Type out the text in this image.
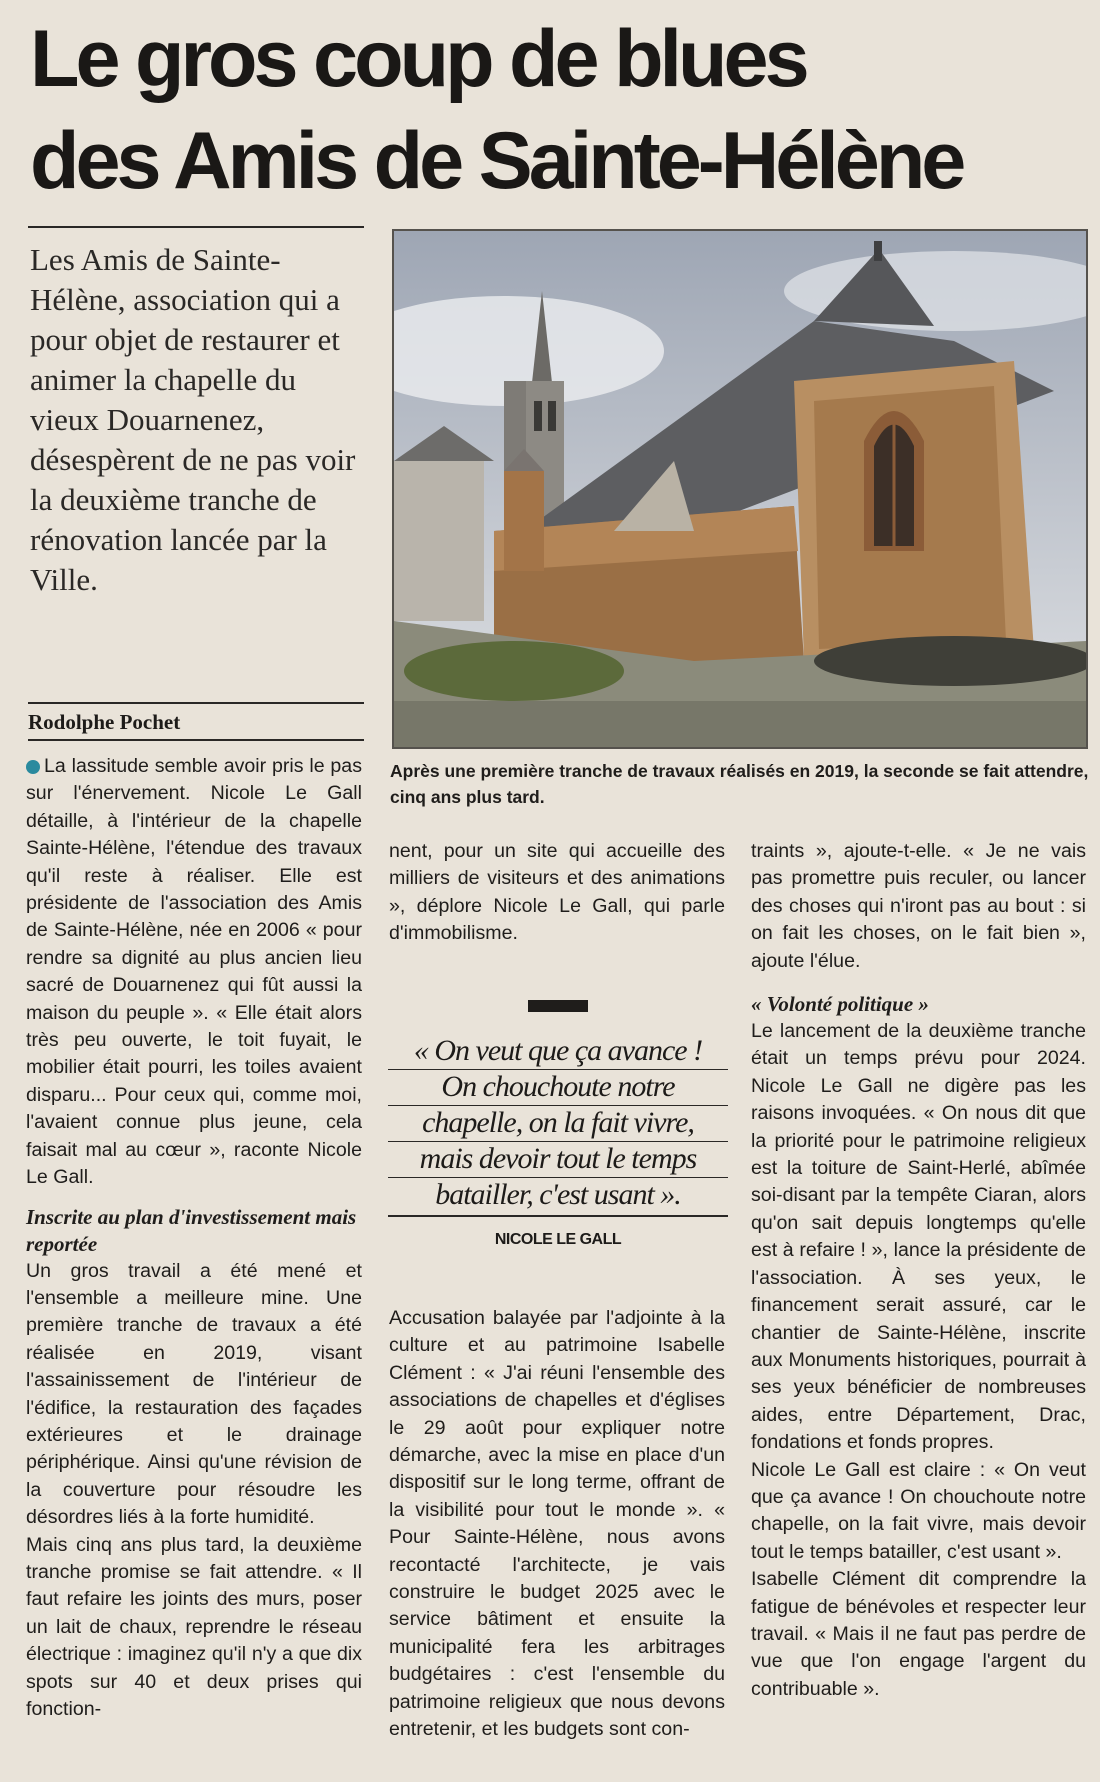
Le gros coup de blues
des Amis de Sainte-Hélène

Les Amis de Sainte-Hélène, association qui a pour objet de restaurer et animer la chapelle du vieux Douarnenez, désespèrent de ne pas voir la deuxième tranche de rénovation lancée par la Ville.

Rodolphe Pochet
Après une première tranche de travaux réalisés en 2019, la seconde se fait attendre, cinq ans plus tard.

La lassitude semble avoir pris le pas sur l'énervement. Nicole Le Gall détaille, à l'intérieur de la chapelle Sainte-Hélène, l'étendue des travaux qu'il reste à réaliser. Elle est présidente de l'association des Amis de Sainte-Hélène, née en 2006 « pour rendre sa dignité au plus ancien lieu sacré de Douarnenez qui fût aussi la maison du peuple ». « Elle était alors très peu ouverte, le toit fuyait, le mobilier était pourri, les toiles avaient disparu... Pour ceux qui, comme moi, l'avaient connue plus jeune, cela faisait mal au cœur », raconte Nicole Le Gall.

Inscrite au plan d'investissement mais reportée

Un gros travail a été mené et l'ensemble a meilleure mine. Une première tranche de travaux a été réalisée en 2019, visant l'assainissement de l'intérieur de l'édifice, la restauration des façades extérieures et le drainage périphérique. Ainsi qu'une révision de la couverture pour résoudre les désordres liés à la forte humidité.

Mais cinq ans plus tard, la deuxième tranche promise se fait attendre. « Il faut refaire les joints des murs, poser un lait de chaux, reprendre le réseau électrique : imaginez qu'il n'y a que dix spots sur 40 et deux prises qui fonction-

nent, pour un site qui accueille des milliers de visiteurs et des animations », déplore Nicole Le Gall, qui parle d'immobilisme.

« On veut que ça avance !
On chouchoute notre
chapelle, on la fait vivre,
mais devoir tout le temps
batailler, c'est usant ».
NICOLE LE GALL

Accusation balayée par l'adjointe à la culture et au patrimoine Isabelle Clément : « J'ai réuni l'ensemble des associations de chapelles et d'églises le 29 août pour expliquer notre démarche, avec la mise en place d'un dispositif sur le long terme, offrant de la visibilité pour tout le monde ». « Pour Sainte-Hélène, nous avons recontacté l'architecte, je vais construire le budget 2025 avec le service bâtiment et ensuite la municipalité fera les arbitrages budgétaires : c'est l'ensemble du patrimoine religieux que nous devons entretenir, et les budgets sont con-

traints », ajoute-t-elle. « Je ne vais pas promettre puis reculer, ou lancer des choses qui n'iront pas au bout : si on fait les choses, on le fait bien », ajoute l'élue.

« Volonté politique »

Le lancement de la deuxième tranche était un temps prévu pour 2024. Nicole Le Gall ne digère pas les raisons invoquées. « On nous dit que la priorité pour le patrimoine religieux est la toiture de Saint-Herlé, abîmée soi-disant par la tempête Ciaran, alors qu'on sait depuis longtemps qu'elle est à refaire ! », lance la présidente de l'association. À ses yeux, le financement serait assuré, car le chantier de Sainte-Hélène, inscrite aux Monuments historiques, pourrait à ses yeux bénéficier de nombreuses aides, entre Département, Drac, fondations et fonds propres.

Nicole Le Gall est claire : « On veut que ça avance ! On chouchoute notre chapelle, on la fait vivre, mais devoir tout le temps batailler, c'est usant ».

Isabelle Clément dit comprendre la fatigue de bénévoles et respecter leur travail. « Mais il ne faut pas perdre de vue que l'on engage l'argent du contribuable ».
